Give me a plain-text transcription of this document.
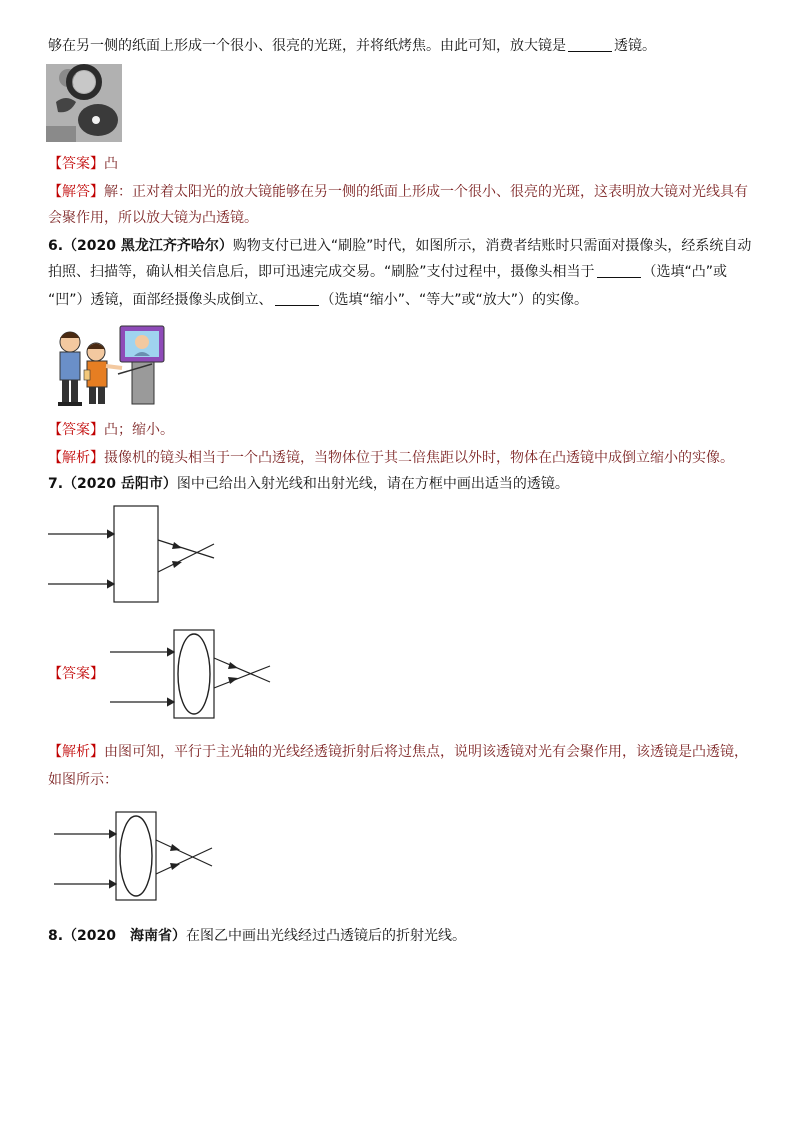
够在另一侧的纸面上形成一个很小、很亮的光斑，并将纸烤焦。由此可知，放大镜是	透镜。
【答案】凸
【解答】解：正对着太阳光的放大镜能够在另一侧的纸面上形成一个很小、很亮的光斑，这表明放大镜对光线具有
会聚作用，所以放大镜为凸透镜。
6.（2020 黑龙江齐齐哈尔）购物支付已进入“刷脸”时代，如图所示，消费者结账时只需面对摄像头，经系统自动
拍照、扫描等，确认相关信息后，即可迅速完成交易。“刷脸”支付过程中，摄像头相当于	（选填“凸”或
“凹”）透镜，面部经摄像头成倒立、	（选填“缩小”、“等大”或“放大”）的实像。
【答案】凸；缩小。
【解析】摄像机的镜头相当于一个凸透镜，当物体位于其二倍焦距以外时，物体在凸透镜中成倒立缩小的实像。
7.（2020 岳阳市）图中已给出入射光线和出射光线，请在方框中画出适当的透镜。
【答案】
【解析】由图可知，平行于主光轴的光线经透镜折射后将过焦点，说明该透镜对光有会聚作用，该透镜是凸透镜，
如图所示：
8.（2020　海南省）在图乙中画出光线经过凸透镜后的折射光线。
